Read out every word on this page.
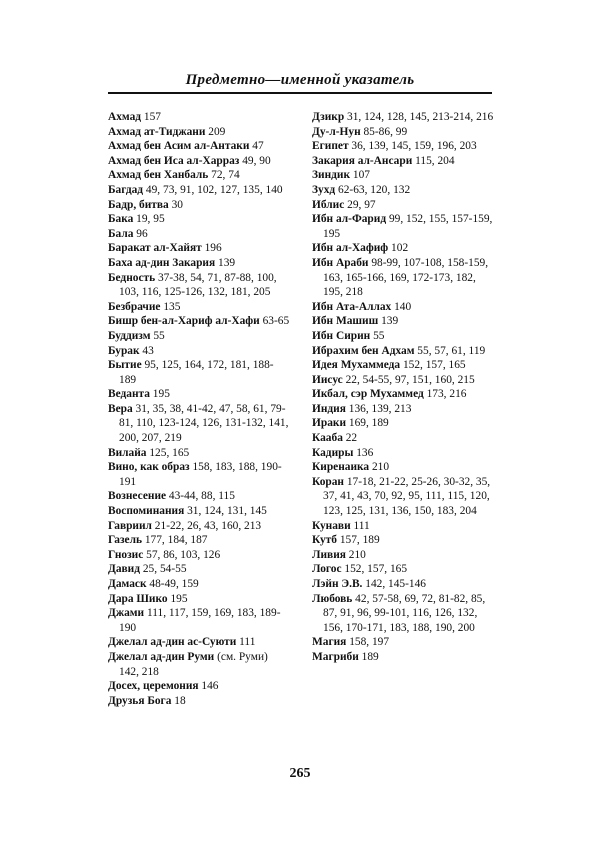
Предметно—именной указатель
Ахмад 157
Ахмад ат-Тиджани 209
Ахмад бен Асим ал-Антаки 47
Ахмад бен Иса ал-Харраз 49, 90
Ахмад бен Ханбаль 72, 74
Багдад 49, 73, 91, 102, 127, 135, 140
Бадр, битва 30
Бака 19, 95
Бала 96
Баракат ал-Хайят 196
Баха ад-дин Закария 139
Бедность 37-38, 54, 71, 87-88, 100, 103, 116, 125-126, 132, 181, 205
Безбрачие 135
Бишр бен-ал-Хариф ал-Хафи 63-65
Буддизм 55
Бурак 43
Бытие 95, 125, 164, 172, 181, 188-189
Веданта 195
Вера 31, 35, 38, 41-42, 47, 58, 61, 79-81, 110, 123-124, 126, 131-132, 141, 200, 207, 219
Вилайа 125, 165
Вино, как образ 158, 183, 188, 190-191
Вознесение 43-44, 88, 115
Воспоминания 31, 124, 131, 145
Гавриил 21-22, 26, 43, 160, 213
Газель 177, 184, 187
Гнозис 57, 86, 103, 126
Давид 25, 54-55
Дамаск 48-49, 159
Дара Шико 195
Джами 111, 117, 159, 169, 183, 189-190
Джелал ад-дин ас-Суюти 111
Джелал ад-дин Руми (см. Руми) 142, 218
Досех, церемония 146
Друзья Бога 18
Дзикр 31, 124, 128, 145, 213-214, 216
Ду-л-Нун 85-86, 99
Египет 36, 139, 145, 159, 196, 203
Закария ал-Ансари 115, 204
Зиндик 107
Зухд 62-63, 120, 132
Иблис 29, 97
Ибн ал-Фарид 99, 152, 155, 157-159, 195
Ибн ал-Хафиф 102
Ибн Араби 98-99, 107-108, 158-159, 163, 165-166, 169, 172-173, 182, 195, 218
Ибн Ата-Аллах 140
Ибн Машиш 139
Ибн Сирин 55
Ибрахим бен Адхам 55, 57, 61, 119
Идея Мухаммеда 152, 157, 165
Иисус 22, 54-55, 97, 151, 160, 215
Икбал, сэр Мухаммед 173, 216
Индия 136, 139, 213
Ираки 169, 189
Кааба 22
Кадиры 136
Киренаика 210
Коран 17-18, 21-22, 25-26, 30-32, 35, 37, 41, 43, 70, 92, 95, 111, 115, 120, 123, 125, 131, 136, 150, 183, 204
Кунави 111
Кутб 157, 189
Ливия 210
Логос 152, 157, 165
Лэйн Э.В. 142, 145-146
Любовь 42, 57-58, 69, 72, 81-82, 85, 87, 91, 96, 99-101, 116, 126, 132, 156, 170-171, 183, 188, 190, 200
Магия 158, 197
Магриби 189
265
